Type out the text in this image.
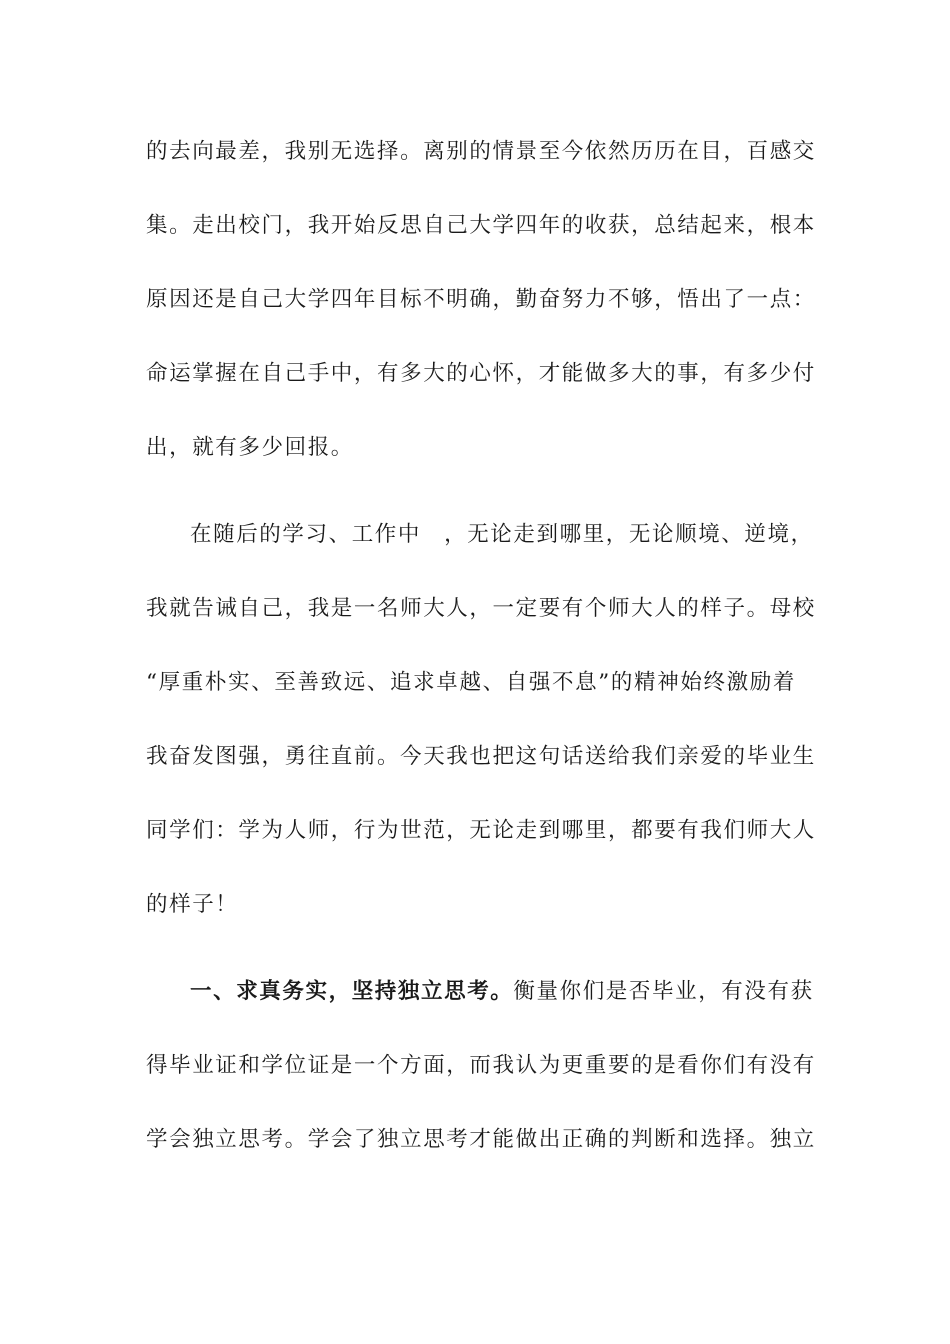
的去向最差，我别无选择。离别的情景至今依然历历在目，百感交
集。走出校门，我开始反思自己大学四年的收获，总结起来，根本
原因还是自己大学四年目标不明确，勤奋努力不够，悟出了一点：
命运掌握在自己手中，有多大的心怀，才能做多大的事，有多少付
出，就有多少回报。
在随后的学习、工作中　，无论走到哪里，无论顺境、逆境，
我就告诫自己，我是一名师大人，一定要有个师大人的样子。母校
“厚重朴实、至善致远、追求卓越、自强不息”的精神始终激励着
我奋发图强，勇往直前。今天我也把这句话送给我们亲爱的毕业生
同学们：学为人师，行为世范，无论走到哪里，都要有我们师大人
的样子！
一、求真务实，坚持独立思考。衡量你们是否毕业，有没有获
得毕业证和学位证是一个方面，而我认为更重要的是看你们有没有
学会独立思考。学会了独立思考才能做出正确的判断和选择。独立
